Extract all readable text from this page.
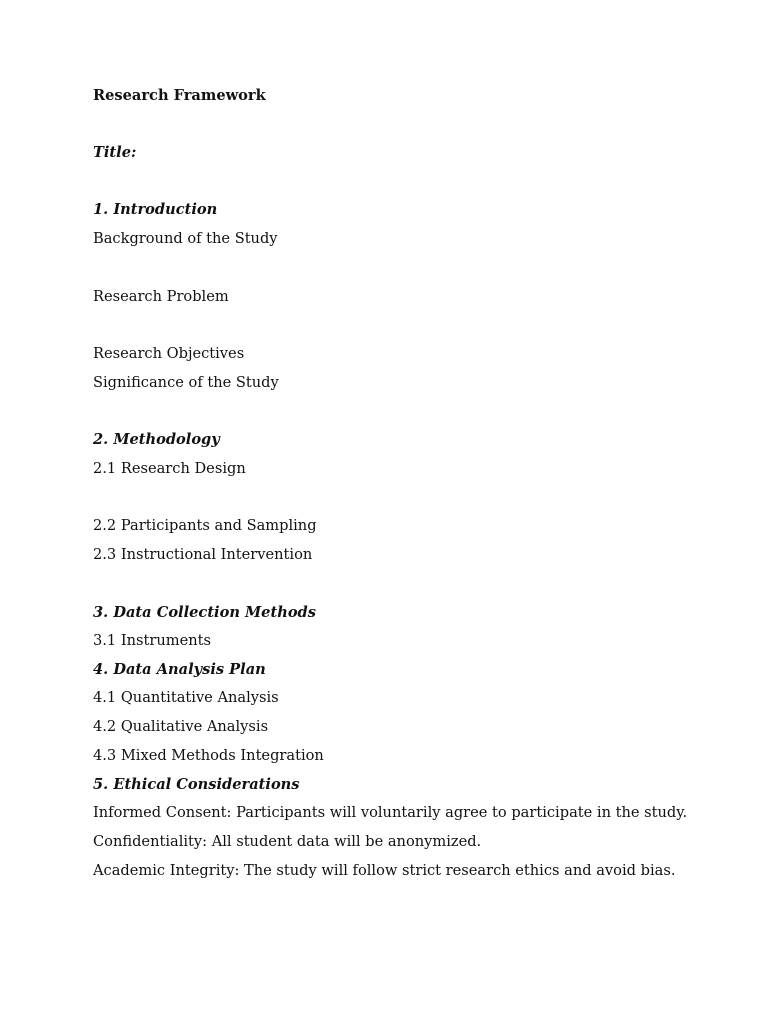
Research Framework
Title:
1. Introduction
Background of the Study
Research Problem
Research Objectives
Significance of the Study
2. Methodology
2.1 Research Design
2.2 Participants and Sampling
2.3 Instructional Intervention
3. Data Collection Methods
3.1 Instruments
4. Data Analysis Plan
4.1 Quantitative Analysis
4.2 Qualitative Analysis
4.3 Mixed Methods Integration
5. Ethical Considerations
Informed Consent: Participants will voluntarily agree to participate in the study.
Confidentiality: All student data will be anonymized.
Academic Integrity: The study will follow strict research ethics and avoid bias.
